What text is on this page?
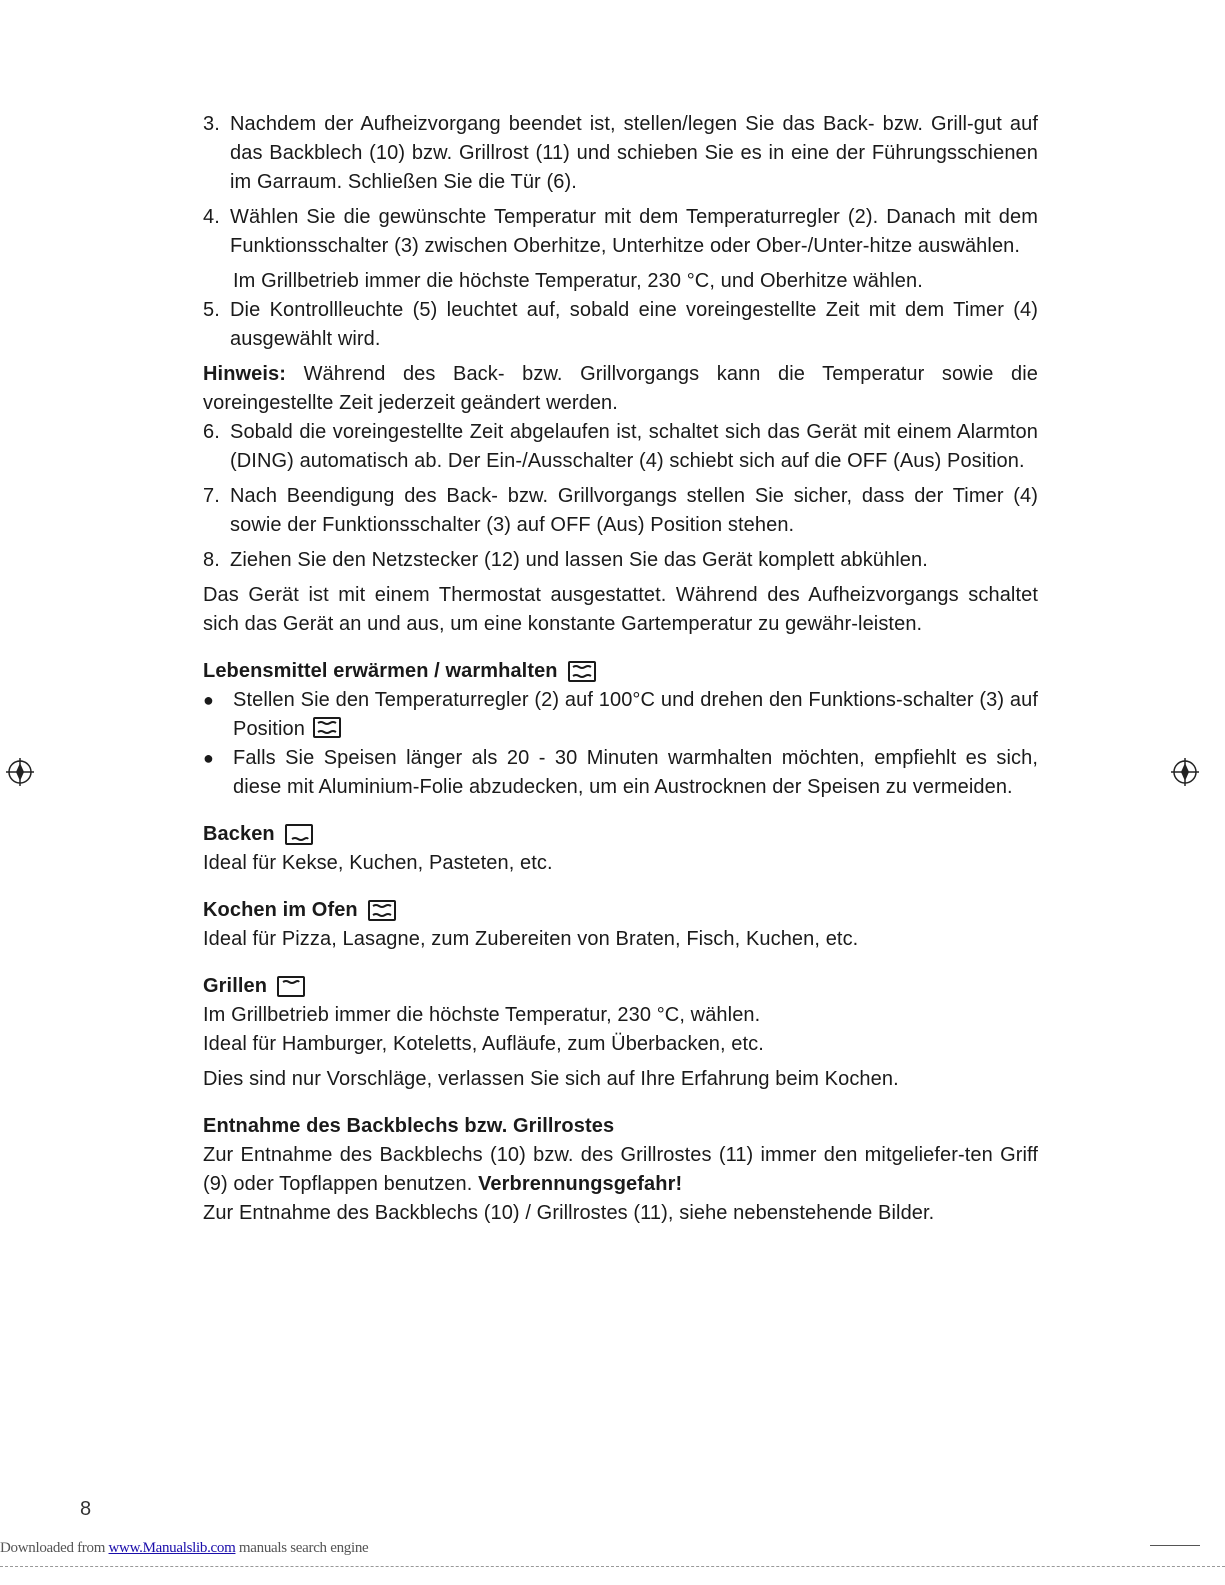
3. Nachdem der Aufheizvorgang beendet ist, stellen/legen Sie das Back- bzw. Grill-gut auf das Backblech (10) bzw. Grillrost (11) und schieben Sie es in eine der Führungsschienen im Garraum. Schließen Sie die Tür (6).
4. Wählen Sie die gewünschte Temperatur mit dem Temperaturregler (2). Danach mit dem Funktionsschalter (3) zwischen Oberhitze, Unterhitze oder Ober-/Unter-hitze auswählen.

Im Grillbetrieb immer die höchste Temperatur, 230 °C, und Oberhitze wählen.

5. Die Kontrollleuchte (5) leuchtet auf, sobald eine voreingestellte Zeit mit dem Timer (4) ausgewählt wird.

Hinweis: Während des Back- bzw. Grillvorgangs kann die Temperatur sowie die voreingestellte Zeit jederzeit geändert werden.

6. Sobald die voreingestellte Zeit abgelaufen ist, schaltet sich das Gerät mit einem Alarmton (DING) automatisch ab. Der Ein-/Ausschalter (4) schiebt sich auf die OFF (Aus) Position.
7. Nach Beendigung des Back- bzw. Grillvorgangs stellen Sie sicher, dass der Timer (4) sowie der Funktionsschalter (3) auf OFF (Aus) Position stehen.
8. Ziehen Sie den Netzstecker (12) und lassen Sie das Gerät komplett abkühlen.

Das Gerät ist mit einem Thermostat ausgestattet. Während des Aufheizvorgangs schaltet sich das Gerät an und aus, um eine konstante Gartemperatur zu gewähr-leisten.

Lebensmittel erwärmen / warmhalten
● Stellen Sie den Temperaturregler (2) auf 100°C und drehen den Funktions-schalter (3) auf Position
● Falls Sie Speisen länger als 20 - 30 Minuten warmhalten möchten, empfiehlt es sich, diese mit Aluminium-Folie abzudecken, um ein Austrocknen der Speisen zu vermeiden.
Backen

Ideal für Kekse, Kuchen, Pasteten, etc.

Kochen im Ofen

Ideal für Pizza, Lasagne, zum Zubereiten von Braten, Fisch, Kuchen, etc.

Grillen

Im Grillbetrieb immer die höchste Temperatur, 230 °C, wählen.

Ideal für Hamburger, Koteletts, Aufläufe, zum Überbacken, etc.

Dies sind nur Vorschläge, verlassen Sie sich auf Ihre Erfahrung beim Kochen.

Entnahme des Backblechs bzw. Grillrostes

Zur Entnahme des Backblechs (10) bzw. des Grillrostes (11) immer den mitgeliefer-ten Griff (9) oder Topflappen benutzen. Verbrennungsgefahr!

Zur Entnahme des Backblechs (10) / Grillrostes (11), siehe nebenstehende Bilder.

8
Downloaded from www.Manualslib.com manuals search engine
